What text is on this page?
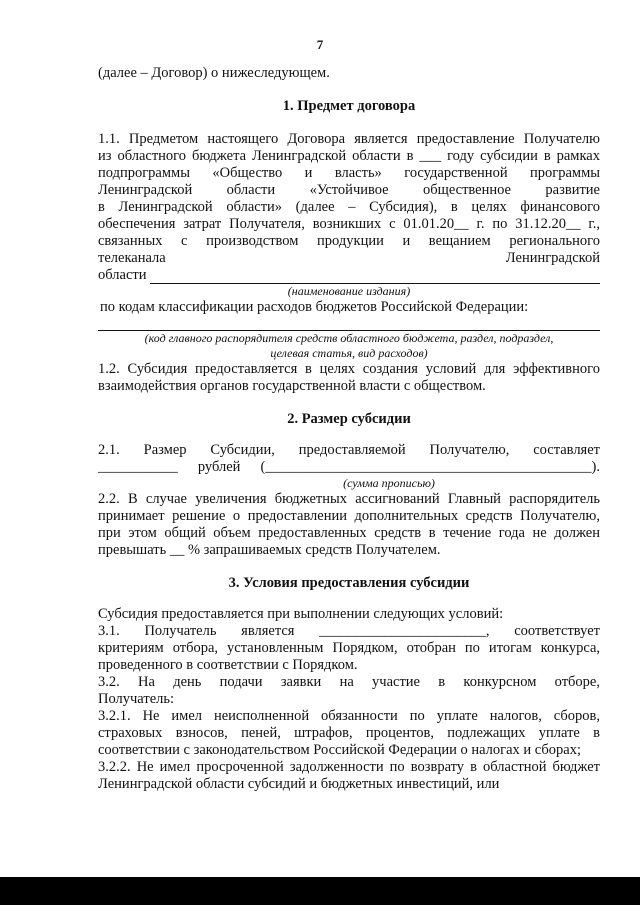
7

(далее – Договор) о нижеследующем.

1. Предмет договора

1.1. Предметом настоящего Договора является предоставление Получателю

из областного бюджета Ленинградской области в ___ году субсидии в рамках

подпрограммы «Общество и власть» государственной программы

Ленинградской области «Устойчивое общественное развитие

в Ленинградской области» (далее – Субсидия), в целях финансового

обеспечения затрат Получателя, возникших с 01.01.20__ г. по 31.12.20__ г.,

связанных с производством продукции и вещанием регионального

телеканала Ленинградской

области

(наименование издания)

по кодам классификации расходов бюджетов Российской Федерации:

(код главного распорядителя средств областного бюджета, раздел, подраздел,

целевая статья, вид расходов)

1.2. Субсидия предоставляется в целях создания условий для эффективного взаимодействия органов государственной власти с обществом.

2. Размер субсидии

2.1. Размер Субсидии, предоставляемой Получателю, составляет

___________ рублей (_____________________________________________).

(сумма прописью)

2.2. В случае увеличения бюджетных ассигнований Главный распорядитель принимает решение о предоставлении дополнительных средств Получателю, при этом общий объем предоставленных средств в течение года не должен превышать __ % запрашиваемых средств Получателем.

3. Условия предоставления субсидии

Субсидия предоставляется при выполнении следующих условий:

3.1. Получатель является _______________________, соответствует

критериям отбора, установленным Порядком, отобран по итогам конкурса, проведенного в соответствии с Порядком.

3.2. На день подачи заявки на участие в конкурсном отборе,

Получатель:

3.2.1. Не имел неисполненной обязанности по уплате налогов, сборов, страховых взносов, пеней, штрафов, процентов, подлежащих уплате в соответствии с законодательством Российской Федерации о налогах и сборах;

3.2.2. Не имел просроченной задолженности по возврату в областной бюджет Ленинградской области субсидий и бюджетных инвестиций, или
